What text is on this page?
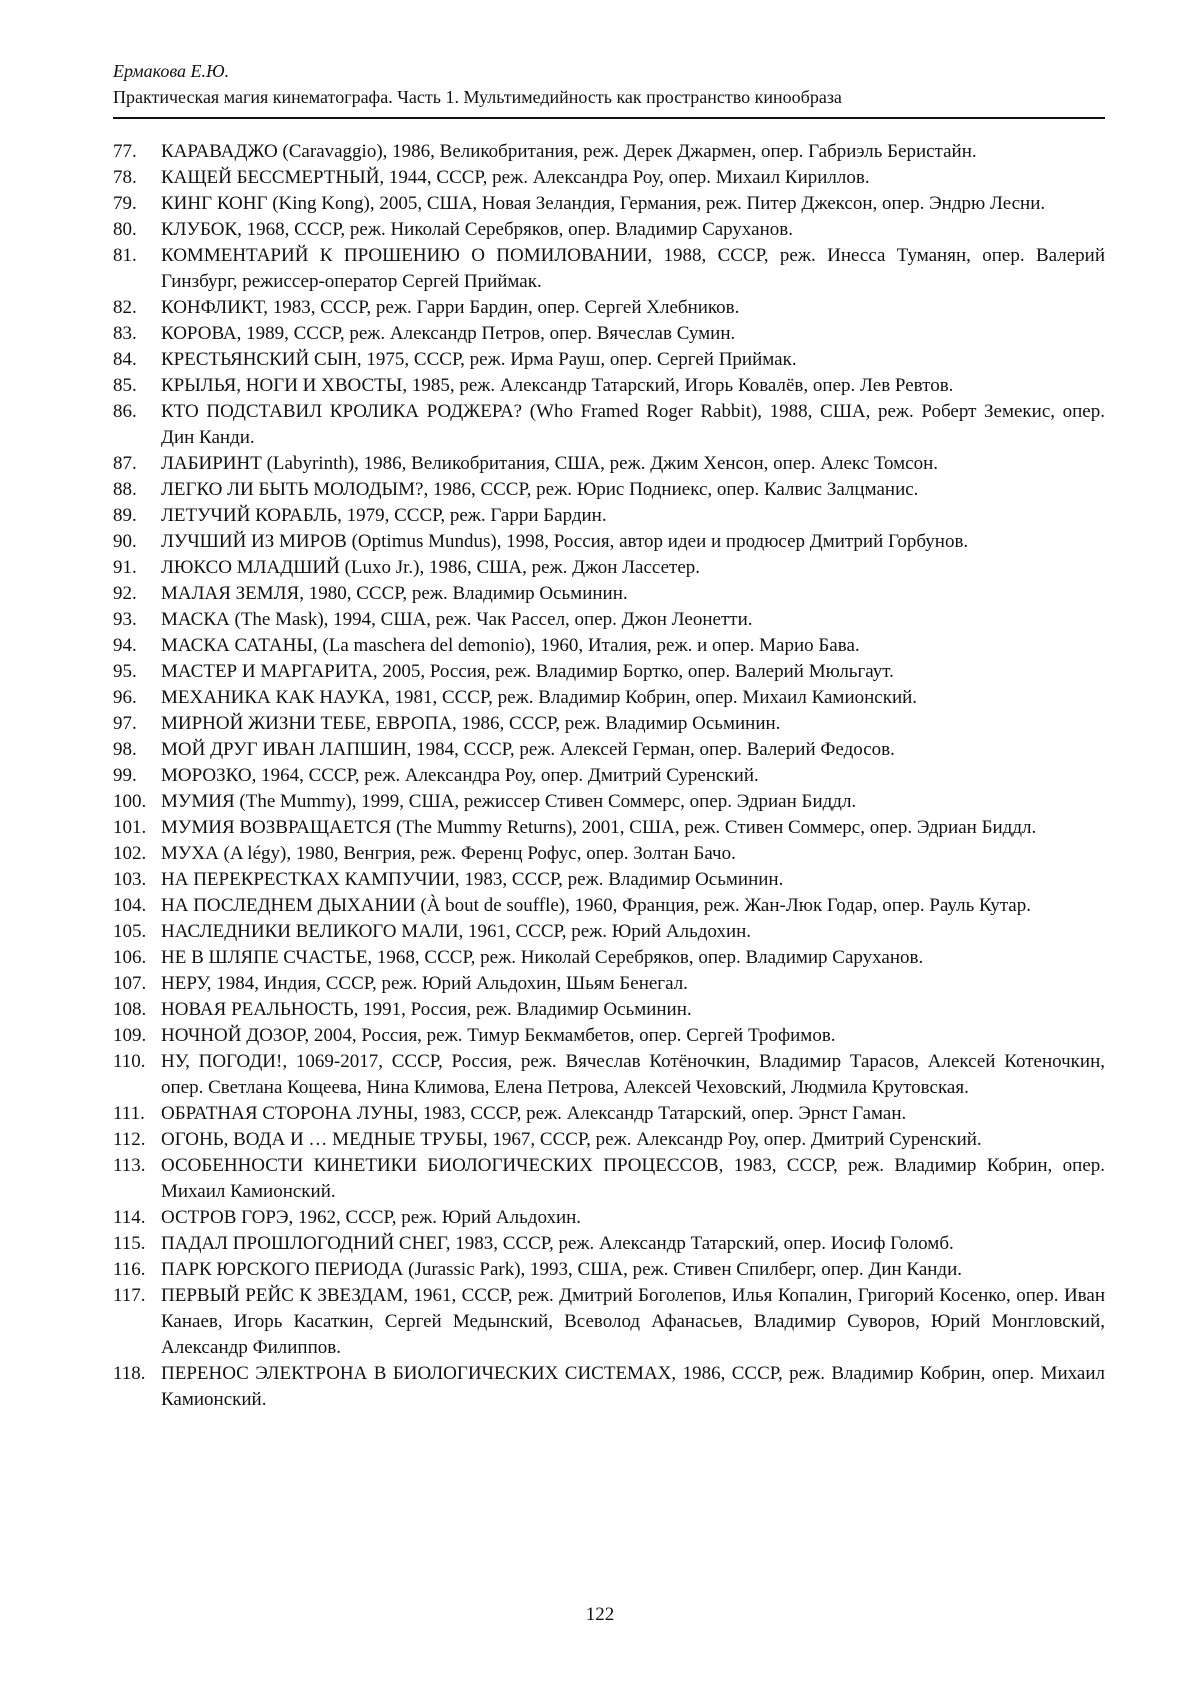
Ермакова Е.Ю.
Практическая магия кинематографа. Часть 1. Мультимедийность как пространство кинообраза
77.	КАРАВАДЖО (Caravaggio), 1986, Великобритания, реж. Дерек Джармен, опер. Габриэль Беристайн.
78.	КАЩЕЙ БЕССМЕРТНЫЙ, 1944, СССР, реж. Александра Роу, опер. Михаил Кириллов.
79.	КИНГ КОНГ (King Kong), 2005, США, Новая Зеландия, Германия, реж. Питер Джексон, опер. Эндрю Лесни.
80.	КЛУБОК, 1968, СССР, реж. Николай Серебряков, опер. Владимир Саруханов.
81.	КОММЕНТАРИЙ К ПРОШЕНИЮ О ПОМИЛОВАНИИ, 1988, СССР, реж. Инесса Туманян, опер. Валерий Гинзбург, режиссер-оператор Сергей Приймак.
82.	КОНФЛИКТ, 1983, СССР, реж. Гарри Бардин, опер. Сергей Хлебников.
83.	КОРОВА, 1989, СССР, реж. Александр Петров, опер. Вячеслав Сумин.
84.	КРЕСТЬЯНСКИЙ СЫН, 1975, СССР, реж. Ирма Рауш, опер. Сергей Приймак.
85.	КРЫЛЬЯ, НОГИ И ХВОСТЫ, 1985, реж. Александр Татарский, Игорь Ковалёв, опер. Лев Ревтов.
86.	КТО ПОДСТАВИЛ КРОЛИКА РОДЖЕРА? (Who Framed Roger Rabbit), 1988, США, реж. Роберт Земекис, опер. Дин Канди.
87.	ЛАБИРИНТ (Labyrinth), 1986, Великобритания, США, реж. Джим Хенсон, опер. Алекс Томсон.
88.	ЛЕГКО ЛИ БЫТЬ МОЛОДЫМ?, 1986, СССР, реж. Юрис Подниекс, опер. Калвис Залцманис.
89.	ЛЕТУЧИЙ КОРАБЛЬ, 1979, СССР, реж. Гарри Бардин.
90.	ЛУЧШИЙ ИЗ МИРОВ (Optimus Mundus), 1998, Россия, автор идеи и продюсер Дмитрий Горбунов.
91.	ЛЮКСО МЛАДШИЙ (Luxo Jr.), 1986, США, реж. Джон Лассетер.
92.	МАЛАЯ ЗЕМЛЯ, 1980, СССР, реж. Владимир Осьминин.
93.	МАСКА (The Mask), 1994, США, реж. Чак Рассел, опер. Джон Леонетти.
94.	МАСКА САТАНЫ, (La maschera del demonio), 1960, Италия, реж. и опер. Марио Бава.
95.	МАСТЕР И МАРГАРИТА, 2005, Россия, реж. Владимир Бортко, опер. Валерий Мюльгаут.
96.	МЕХАНИКА КАК НАУКА, 1981, СССР, реж. Владимир Кобрин, опер. Михаил Камионский.
97.	МИРНОЙ ЖИЗНИ ТЕБЕ, ЕВРОПА, 1986, СССР, реж. Владимир Осьминин.
98.	МОЙ ДРУГ ИВАН ЛАПШИН, 1984, СССР, реж. Алексей Герман, опер. Валерий Федосов.
99.	МОРОЗКО, 1964, СССР, реж. Александра Роу, опер. Дмитрий Суренский.
100. МУМИЯ (The Mummy), 1999, США, режиссер Стивен Соммерс, опер. Эдриан Биддл.
101. МУМИЯ ВОЗВРАЩАЕТСЯ (The Mummy Returns), 2001, США, реж. Стивен Соммерс, опер. Эдриан Биддл.
102. МУХА (A légy), 1980, Венгрия, реж. Ференц Рофус, опер. Золтан Бачо.
103. НА ПЕРЕКРЕСТКАХ КАМПУЧИИ, 1983, СССР, реж. Владимир Осьминин.
104. НА ПОСЛЕДНЕМ ДЫХАНИИ (À bout de souffle), 1960, Франция, реж. Жан-Люк Годар, опер. Рауль Кутар.
105. НАСЛЕДНИКИ ВЕЛИКОГО МАЛИ, 1961, СССР, реж. Юрий Альдохин.
106. НЕ В ШЛЯПЕ СЧАСТЬЕ, 1968, СССР, реж. Николай Серебряков, опер. Владимир Саруханов.
107. НЕРУ, 1984, Индия, СССР, реж. Юрий Альдохин, Шьям Бенегал.
108. НОВАЯ РЕАЛЬНОСТЬ, 1991, Россия, реж. Владимир Осьминин.
109. НОЧНОЙ ДОЗОР, 2004, Россия, реж. Тимур Бекмамбетов, опер. Сергей Трофимов.
110. НУ, ПОГОДИ!, 1069-2017, СССР, Россия, реж. Вячеслав Котёночкин, Владимир Тарасов, Алексей Котеночкин, опер. Светлана Кощеева, Нина Климова, Елена Петрова, Алексей Чеховский, Людмила Крутовская.
111. ОБРАТНАЯ СТОРОНА ЛУНЫ, 1983, СССР, реж. Александр Татарский, опер. Эрнст Гаман.
112. ОГОНЬ, ВОДА И … МЕДНЫЕ ТРУБЫ, 1967, СССР, реж. Александр Роу, опер. Дмитрий Суренский.
113. ОСОБЕННОСТИ КИНЕТИКИ БИОЛОГИЧЕСКИХ ПРОЦЕССОВ, 1983, СССР, реж. Владимир Кобрин, опер. Михаил Камионский.
114. ОСТРОВ ГОРЭ, 1962, СССР, реж. Юрий Альдохин.
115. ПАДАЛ ПРОШЛОГОДНИЙ СНЕГ, 1983, СССР, реж. Александр Татарский, опер. Иосиф Голомб.
116. ПАРК ЮРСКОГО ПЕРИОДА (Jurassic Park), 1993, США, реж. Стивен Спилберг, опер. Дин Канди.
117. ПЕРВЫЙ РЕЙС К ЗВЕЗДАМ, 1961, СССР, реж. Дмитрий Боголепов, Илья Копалин, Григорий Косенко, опер. Иван Канаев, Игорь Касаткин, Сергей Медынский, Всеволод Афанасьев, Владимир Суворов, Юрий Монгловский, Александр Филиппов.
118. ПЕРЕНОС ЭЛЕКТРОНА В БИОЛОГИЧЕСКИХ СИСТЕМАХ, 1986, СССР, реж. Владимир Кобрин, опер. Михаил Камионский.
122
